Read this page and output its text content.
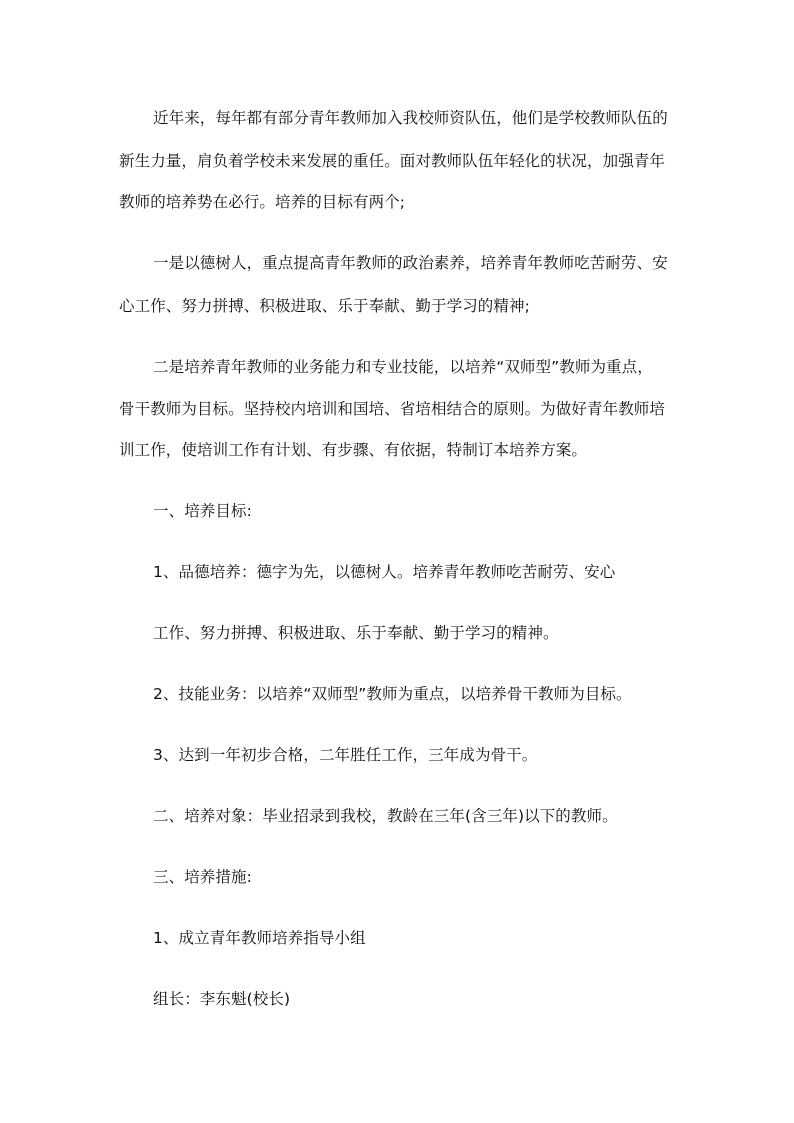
近年来，每年都有部分青年教师加入我校师资队伍，他们是学校教师队伍的
新生力量，肩负着学校未来发展的重任。面对教师队伍年轻化的状况，加强青年
教师的培养势在必行。培养的目标有两个;
一是以德树人，重点提高青年教师的政治素养，培养青年教师吃苦耐劳、安
心工作、努力拼搏、积极进取、乐于奉献、勤于学习的精神;
二是培养青年教师的业务能力和专业技能，以培养“双师型”教师为重点，
骨干教师为目标。坚持校内培训和国培、省培相结合的原则。为做好青年教师培
训工作，使培训工作有计划、有步骤、有依据，特制订本培养方案。
一、培养目标:
1、品德培养：德字为先，以德树人。培养青年教师吃苦耐劳、安心
工作、努力拼搏、积极进取、乐于奉献、勤于学习的精神。
2、技能业务：以培养“双师型”教师为重点，以培养骨干教师为目标。
3、达到一年初步合格，二年胜任工作，三年成为骨干。
二、培养对象：毕业招录到我校，教龄在三年(含三年)以下的教师。
三、培养措施:
1、成立青年教师培养指导小组
组长：李东魁(校长)
